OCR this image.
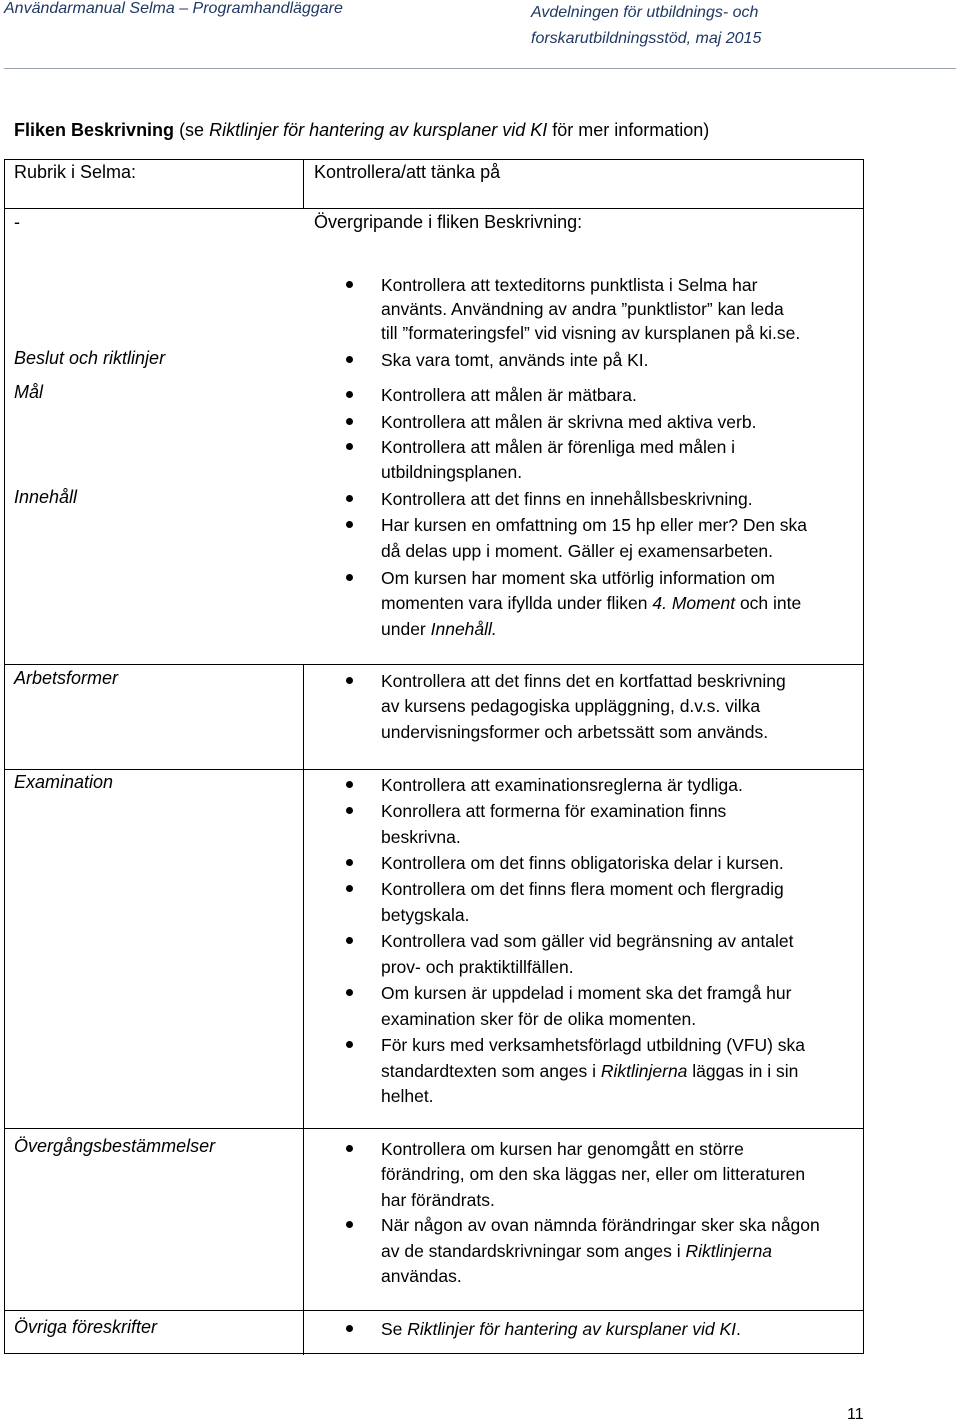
Användarmanual Selma – Programhandläggare	Avdelningen för utbildnings- och
forskarutbildningsstöd, maj 2015
Fliken Beskrivning (se Riktlinjer för hantering av kursplaner vid KI för mer information)
Rubrik i Selma:	Kontrollera/att tänka på
-	Övergripande i fliken Beskrivning:
Kontrollera att texteditorns punktlista i Selma har
använts. Användning av andra ”punktlistor” kan leda
till ”formateringsfel” vid visning av kursplanen på ki.se.
Beslut och riktlinjer	Ska vara tomt, används inte på KI.
Mål	Kontrollera att målen är mätbara.
Kontrollera att målen är skrivna med aktiva verb.
Kontrollera att målen är förenliga med målen i
utbildningsplanen.
Innehåll	Kontrollera att det finns en innehållsbeskrivning.
Har kursen en omfattning om 15 hp eller mer? Den ska
då delas upp i moment. Gäller ej examensarbeten.
Om kursen har moment ska utförlig information om
momenten vara ifyllda under fliken 4. Moment och inte
under Innehåll.
Arbetsformer	Kontrollera att det finns det en kortfattad beskrivning
av kursens pedagogiska uppläggning, d.v.s. vilka
undervisningsformer och arbetssätt som används.
Examination	Kontrollera att examinationsreglerna är tydliga.
Konrollera att formerna för examination finns
beskrivna.
Kontrollera om det finns obligatoriska delar i kursen.
Kontrollera om det finns flera moment och flergradig
betygskala.
Kontrollera vad som gäller vid begränsning av antalet
prov- och praktiktillfällen.
Om kursen är uppdelad i moment ska det framgå hur
examination sker för de olika momenten.
För kurs med verksamhetsförlagd utbildning (VFU) ska
standardtexten som anges i Riktlinjerna läggas in i sin
helhet.
Övergångsbestämmelser	Kontrollera om kursen har genomgått en större
förändring, om den ska läggas ner, eller om litteraturen
har förändrats.
När någon av ovan nämnda förändringar sker ska någon
av de standardskrivningar som anges i Riktlinjerna
användas.
Övriga föreskrifter	Se Riktlinjer för hantering av kursplaner vid KI.
11
